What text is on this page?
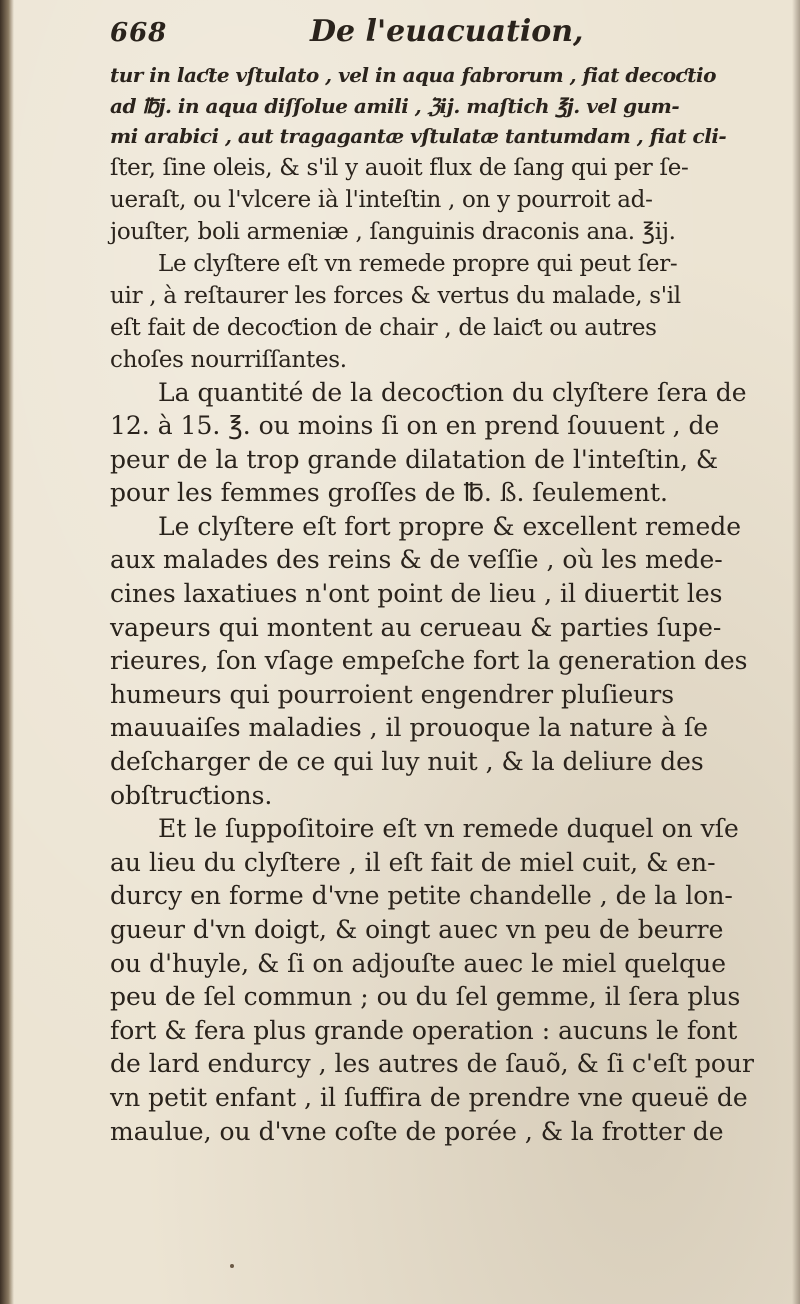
668	De l'euacuation,
tur in laƈte vſtulato , vel in aqua fabrorum , fiat decoƈtio
ad ℔j. in aqua diſſolue amili , ℨij. maſtich ℥j. vel gum-
mi arabici , aut tragagantæ vſtulatæ tantumdam , fiat cli-
ſter, ſine oleis, & s'il y auoit flux de ſang qui per ſe-
ueraſt, ou l'vlcere ià l'inteſtin , on y pourroit ad-
jouſter, boli armeniæ , ſanguinis draconis ana. ℥ij.
Le clyſtere eſt vn remede propre qui peut ſer-
uir , à reſtaurer les forces & vertus du malade, s'il
eſt fait de decoƈtion de chair , de laiƈt ou autres
choſes nourriſſantes.
La quantité de la decoƈtion du clyſtere ſera de
12. à 15. ℥. ou moins ſi on en prend ſouuent , de
peur de la trop grande dilatation de l'inteſtin, &
pour les femmes groſſes de ℔. ß. ſeulement.
Le clyſtere eſt fort propre & excellent remede
aux malades des reins & de veſſie , où les mede-
cines laxatiues n'ont point de lieu , il diuertit les
vapeurs qui montent au cerueau & parties ſupe-
rieures, ſon vſage empeſche fort la generation des
humeurs qui pourroient engendrer pluſieurs
mauuaiſes maladies , il prouoque la nature à ſe
deſcharger de ce qui luy nuit , & la deliure des
obſtruƈtions.
Et le ſuppoſitoire eſt vn remede duquel on vſe
au lieu du clyſtere , il eſt fait de miel cuit, & en-
durcy en forme d'vne petite chandelle , de la lon-
gueur d'vn doigt, & oingt auec vn peu de beurre
ou d'huyle, & ſi on adjouſte auec le miel quelque
peu de ſel commun ; ou du ſel gemme, il ſera plus
fort & fera plus grande operation : aucuns le font
de lard endurcy , les autres de ſauõ, & ſi c'eſt pour
vn petit enfant , il ſuffira de prendre vne queuë de
maulue, ou d'vne coſte de porée , & la frotter de
